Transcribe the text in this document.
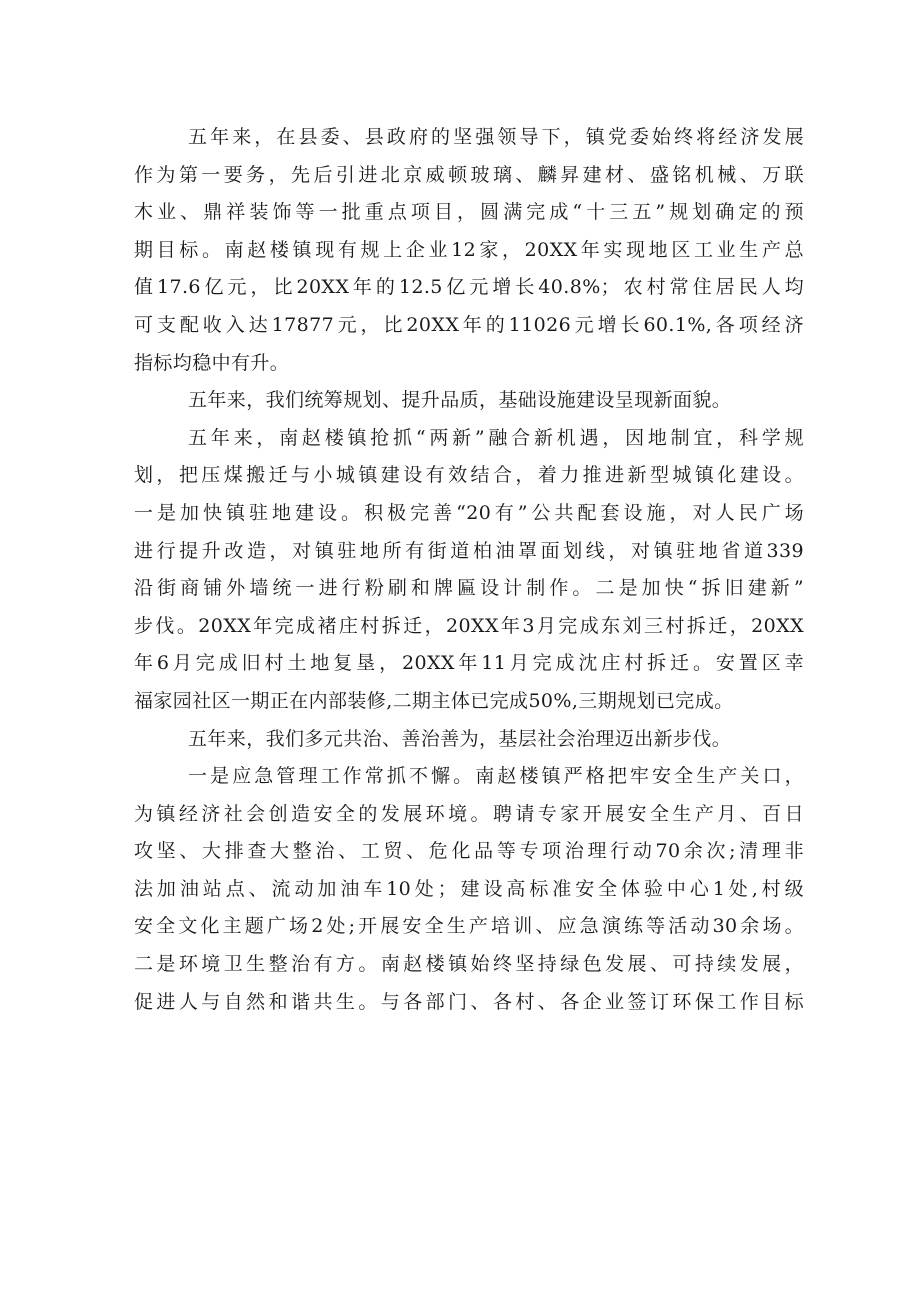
五年来，在县委、县政府的坚强领导下，镇党委始终将经济发展
作为第一要务，先后引进北京威顿玻璃、麟昇建材、盛铭机械、万联
木业、鼎祥装饰等一批重点项目，圆满完成“十三五”规划确定的预
期目标。南赵楼镇现有规上企业12家，20XX年实现地区工业生产总
值17.6亿元，比20XX年的12.5亿元增长40.8%；农村常住居民人均
可支配收入达17877元，比20XX年的11026元增长60.1%,各项经济
指标均稳中有升。
五年来，我们统筹规划、提升品质，基础设施建设呈现新面貌。
五年来，南赵楼镇抢抓“两新”融合新机遇，因地制宜，科学规
划，把压煤搬迁与小城镇建设有效结合，着力推进新型城镇化建设。
一是加快镇驻地建设。积极完善“20有”公共配套设施，对人民广场
进行提升改造，对镇驻地所有街道柏油罩面划线，对镇驻地省道339
沿街商铺外墙统一进行粉刷和牌匾设计制作。二是加快“拆旧建新”
步伐。20XX年完成褚庄村拆迁，20XX年3月完成东刘三村拆迁，20XX
年6月完成旧村土地复垦，20XX年11月完成沈庄村拆迁。安置区幸
福家园社区一期正在内部装修,二期主体已完成50%,三期规划已完成。
五年来，我们多元共治、善治善为，基层社会治理迈出新步伐。
一是应急管理工作常抓不懈。南赵楼镇严格把牢安全生产关口，
为镇经济社会创造安全的发展环境。聘请专家开展安全生产月、百日
攻坚、大排查大整治、工贸、危化品等专项治理行动70余次;清理非
法加油站点、流动加油车10处；建设高标准安全体验中心1处,村级
安全文化主题广场2处;开展安全生产培训、应急演练等活动30余场。
二是环境卫生整治有方。南赵楼镇始终坚持绿色发展、可持续发展，
促进人与自然和谐共生。与各部门、各村、各企业签订环保工作目标
